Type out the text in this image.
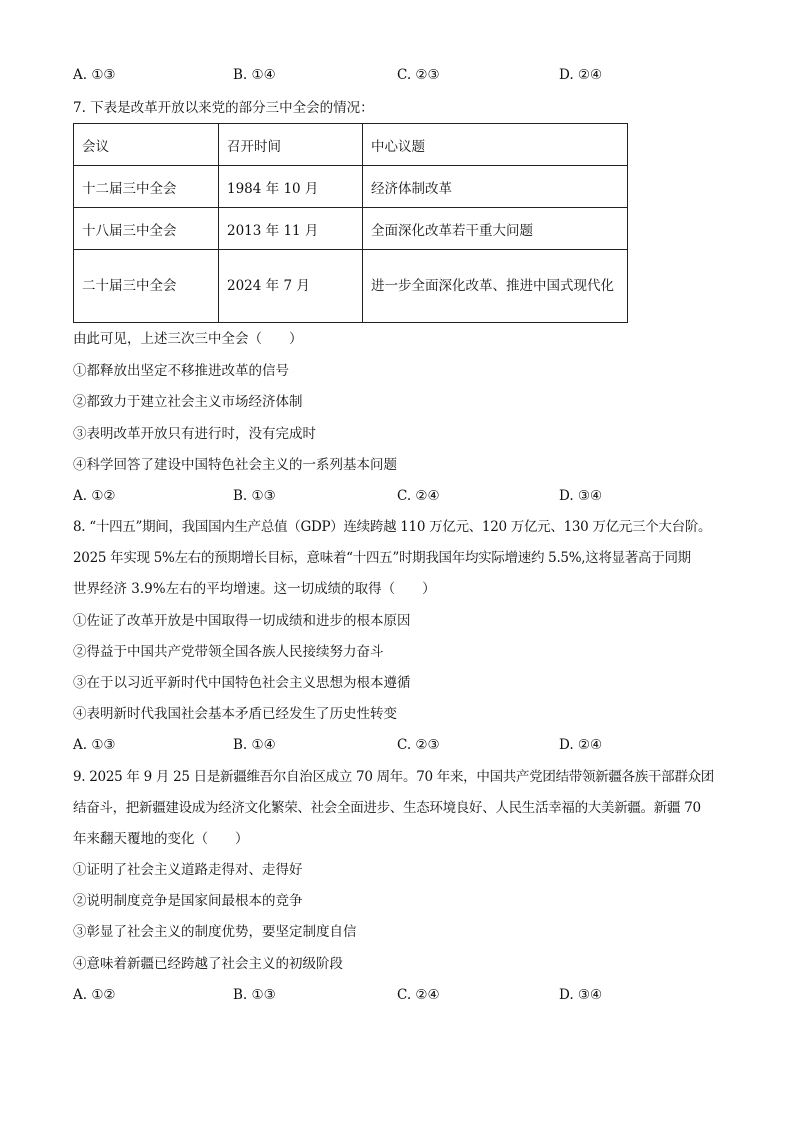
A. ①③	B. ①④	C. ②③	D. ②④
7. 下表是改革开放以来党的部分三中全会的情况：
会议	召开时间	中心议题
十二届三中全会	1984 年 10 月	经济体制改革
十八届三中全会	2013 年 11 月	全面深化改革若干重大问题
二十届三中全会	2024 年 7 月	进一步全面深化改革、推进中国式现代化
由此可见，上述三次三中全会（　　）
①都释放出坚定不移推进改革的信号
②都致力于建立社会主义市场经济体制
③表明改革开放只有进行时，没有完成时
④科学回答了建设中国特色社会主义的一系列基本问题
A. ①②	B. ①③	C. ②④	D. ③④
8. “十四五”期间，我国国内生产总值（GDP）连续跨越 110 万亿元、120 万亿元、130 万亿元三个大台阶。
2025 年实现 5%左右的预期增长目标，意味着“十四五”时期我国年均实际增速约 5.5%,这将显著高于同期
世界经济 3.9%左右的平均增速。这一切成绩的取得（　　）
①佐证了改革开放是中国取得一切成绩和进步的根本原因
②得益于中国共产党带领全国各族人民接续努力奋斗
③在于以习近平新时代中国特色社会主义思想为根本遵循
④表明新时代我国社会基本矛盾已经发生了历史性转变
A. ①③	B. ①④	C. ②③	D. ②④
9. 2025 年 9 月 25 日是新疆维吾尔自治区成立 70 周年。70 年来，中国共产党团结带领新疆各族干部群众团
结奋斗，把新疆建设成为经济文化繁荣、社会全面进步、生态环境良好、人民生活幸福的大美新疆。新疆 70
年来翻天覆地的变化（　　）
①证明了社会主义道路走得对、走得好
②说明制度竞争是国家间最根本的竞争
③彰显了社会主义的制度优势，要坚定制度自信
④意味着新疆已经跨越了社会主义的初级阶段
A. ①②	B. ①③	C. ②④	D. ③④
